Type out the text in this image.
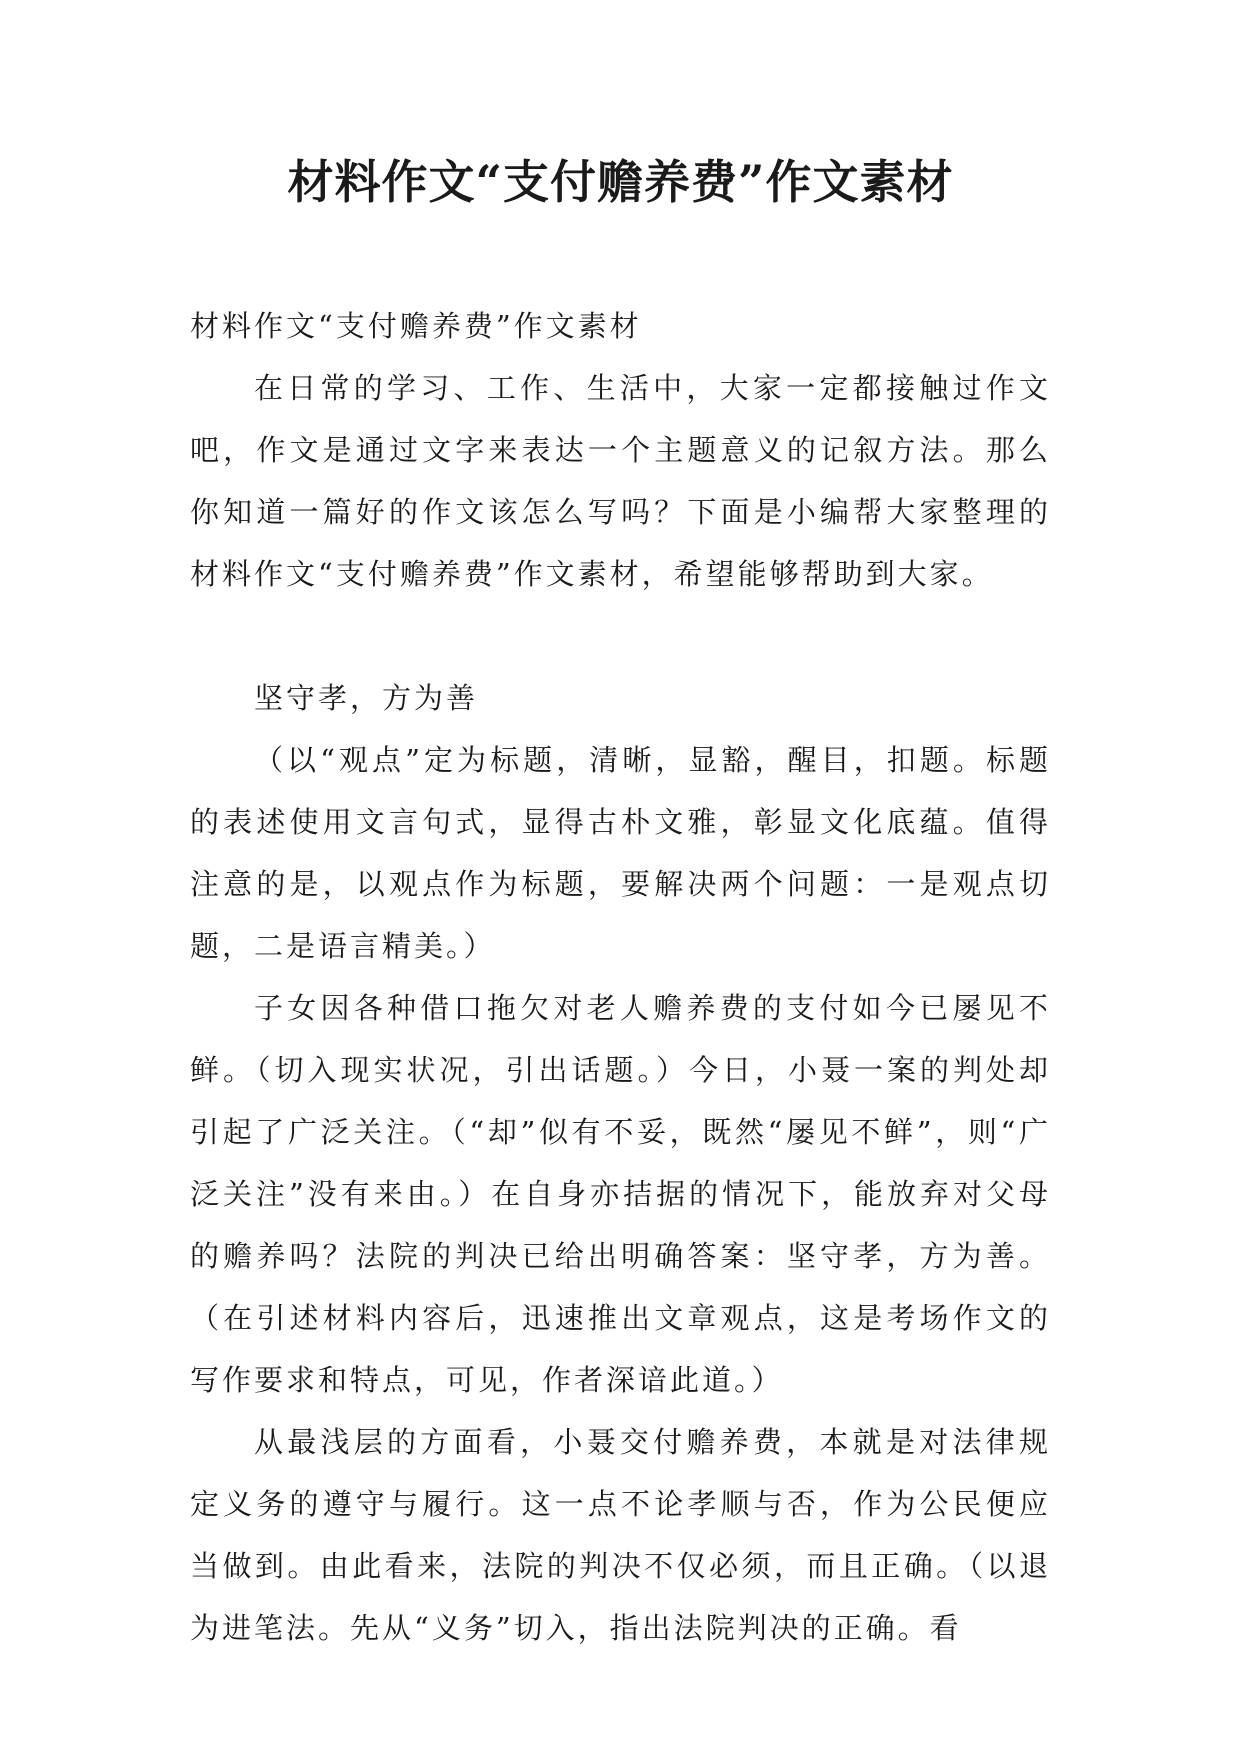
材料作文“支付赡养费”作文素材

材料作文“支付赡养费”作文素材

在日常的学习、工作、生活中，大家一定都接触过作文吧，作文是通过文字来表达一个主题意义的记叙方法。那么你知道一篇好的作文该怎么写吗？下面是小编帮大家整理的材料作文“支付赡养费”作文素材，希望能够帮助到大家。

坚守孝，方为善

（以“观点”定为标题，清晰，显豁，醒目，扣题。标题的表述使用文言句式，显得古朴文雅，彰显文化底蕴。值得注意的是，以观点作为标题，要解决两个问题：一是观点切题，二是语言精美。）

子女因各种借口拖欠对老人赡养费的支付如今已屡见不鲜。（切入现实状况，引出话题。）今日，小聂一案的判处却引起了广泛关注。（“却”似有不妥，既然“屡见不鲜”，则“广泛关注”没有来由。）在自身亦拮据的情况下，能放弃对父母的赡养吗？法院的判决已给出明确答案：坚守孝，方为善。（在引述材料内容后，迅速推出文章观点，这是考场作文的写作要求和特点，可见，作者深谙此道。）

从最浅层的方面看，小聂交付赡养费，本就是对法律规定义务的遵守与履行。这一点不论孝顺与否，作为公民便应当做到。由此看来，法院的判决不仅必须，而且正确。（以退为进笔法。先从“义务”切入，指出法院判决的正确。看
